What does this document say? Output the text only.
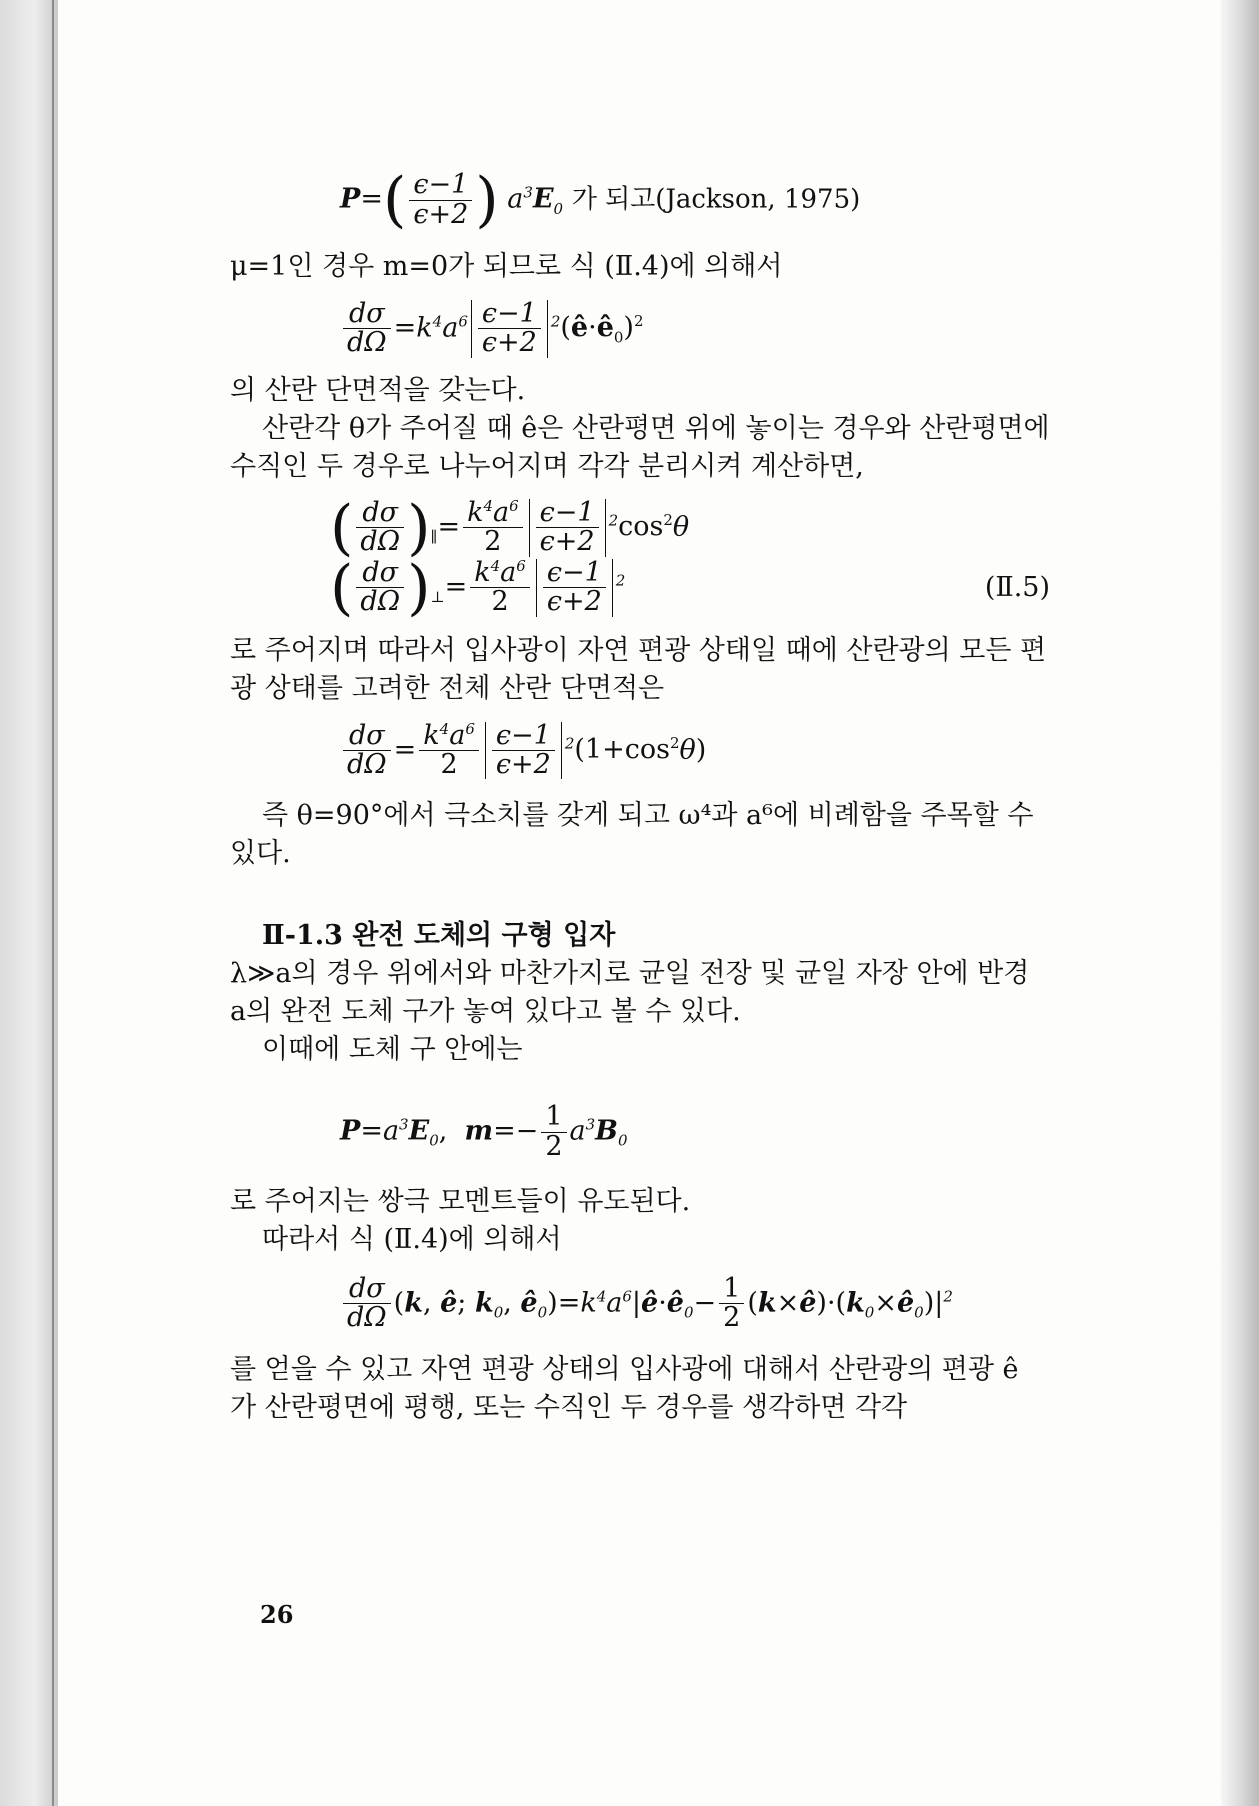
$P=( \frac{\epsilon-1}{\epsilon+2}$ ) $a^3E_0$ 가 되고(Jackson, 1975)

μ=1인 경우 m=0가 되므로 식 (Ⅱ.4)에 의해서

$\frac{d\sigma}{d\Omega} =k^4a^6 \frac{\epsilon-1}{\epsilon+2}$ $^2(ê\cdot ê_0)^2$

의 산란 단면적을 갖는다.

산란각 θ가 주어질 때 ê은 산란평면 위에 놓이는 경우와 산란평면에

수직인 두 경우로 나누어지며 각각 분리시켜 계산하면,

( $\frac{d\sigma}{d\Omega} )_\parallel= \frac{k^4a^6}{2} \frac{\epsilon-1}{\epsilon+2} ^2\cos^2\theta$
( $\frac{d\sigma}{d\Omega} )_\perp= \frac{k^4a^6}{2} \frac{\epsilon-1}{\epsilon+2} ^2$	(Ⅱ.5)

로 주어지며 따라서 입사광이 자연 편광 상태일 때에 산란광의 모든 편

광 상태를 고려한 전체 산란 단면적은

$\frac{d\sigma}{d\Omega} = \frac{k^4a^6}{2} \frac{\epsilon-1}{\epsilon+2} ^2(1+\cos^2\theta)$

즉 θ=90°에서 극소치를 갖게 되고 ω⁴과 a⁶에 비례함을 주목할 수

있다.

Ⅱ-1.3 완전 도체의 구형 입자

λ≫a의 경우 위에서와 마찬가지로 균일 전장 및 균일 자장 안에 반경

a의 완전 도체 구가 놓여 있다고 볼 수 있다.

이때에 도체 구 안에는

$P=a^3E_0$,  $m=- \frac{1}{2} a^3B_0$

로 주어지는 쌍극 모멘트들이 유도된다.

따라서 식 (Ⅱ.4)에 의해서

$\frac{d\sigma}{d\Omega} (k$, ê; $k_0$, $ê_0)=k^4a^6|ê\cdot ê_0- \frac{1}{2}$ $(k\times ê)\cdot(k_0\times ê_0)|^2$

를 얻을 수 있고 자연 편광 상태의 입사광에 대해서 산란광의 편광 ê

가 산란평면에 평행, 또는 수직인 두 경우를 생각하면 각각

26
